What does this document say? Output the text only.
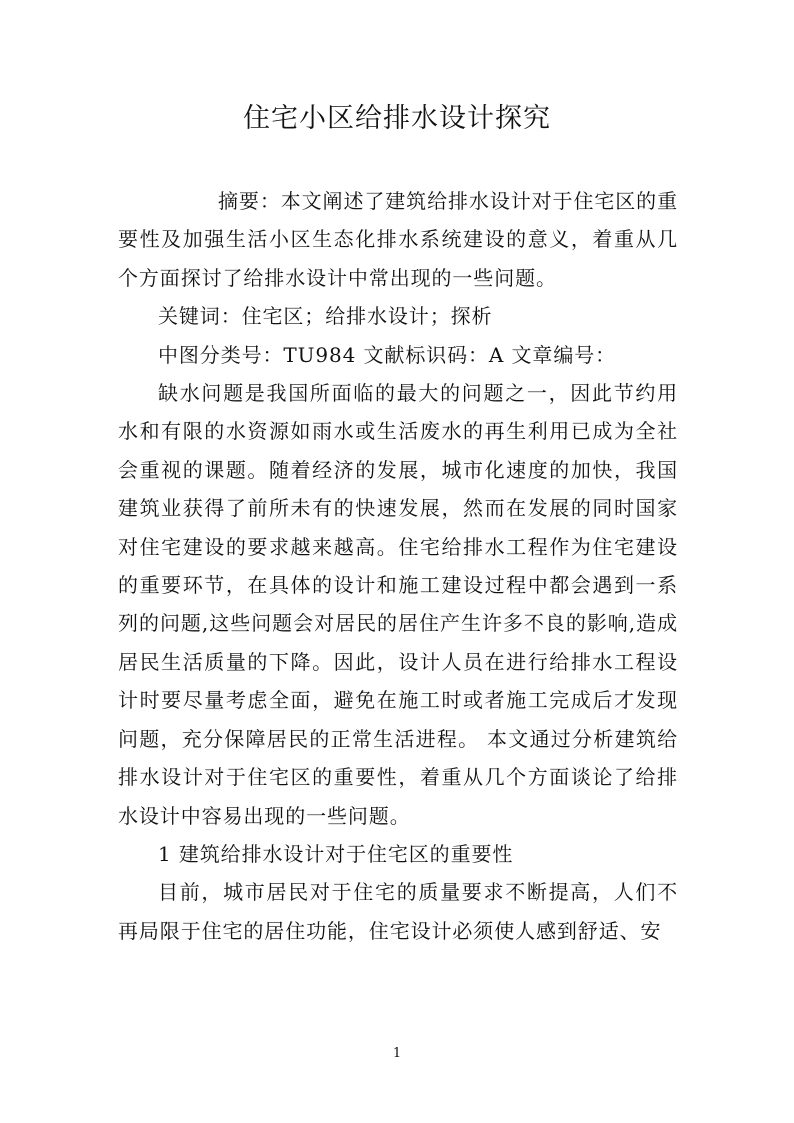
住宅小区给排水设计探究

摘要：本文阐述了建筑给排水设计对于住宅区的重要性及加强生活小区生态化排水系统建设的意义，着重从几个方面探讨了给排水设计中常出现的一些问题。

关键词：住宅区；给排水设计；探析

中图分类号：TU984 文献标识码：A 文章编号：

缺水问题是我国所面临的最大的问题之一，因此节约用水和有限的水资源如雨水或生活废水的再生利用已成为全社会重视的课题。随着经济的发展，城市化速度的加快，我国建筑业获得了前所未有的快速发展，然而在发展的同时国家对住宅建设的要求越来越高。住宅给排水工程作为住宅建设的重要环节，在具体的设计和施工建设过程中都会遇到一系列的问题,这些问题会对居民的居住产生许多不良的影响,造成居民生活质量的下降。因此，设计人员在进行给排水工程设计时要尽量考虑全面，避免在施工时或者施工完成后才发现问题，充分保障居民的正常生活进程。 本文通过分析建筑给排水设计对于住宅区的重要性，着重从几个方面谈论了给排水设计中容易出现的一些问题。

1 建筑给排水设计对于住宅区的重要性

目前，城市居民对于住宅的质量要求不断提高，人们不再局限于住宅的居住功能，住宅设计必须使人感到舒适、安

1
